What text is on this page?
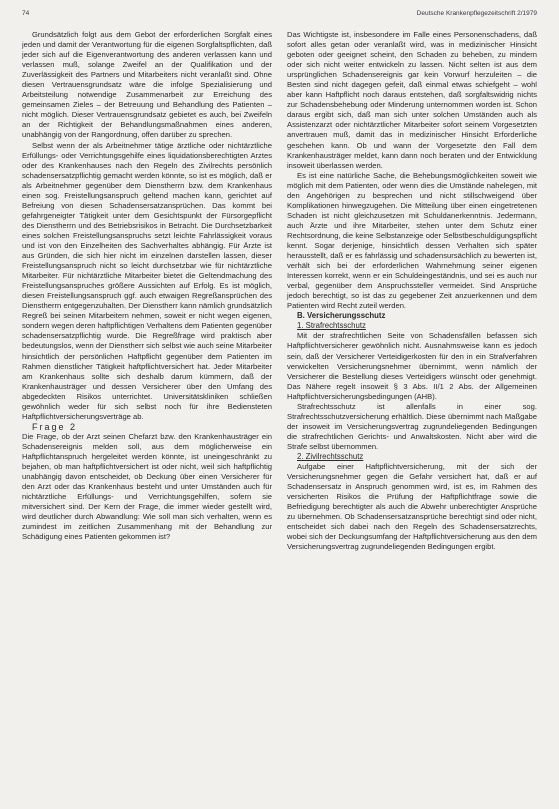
74	Deutsche Krankenpflegezeitschrift 2/1979

Grundsätzlich folgt aus dem Gebot der erforderlichen Sorgfalt eines jeden und damit der Verantwortung für die eigenen Sorgfaltspflichten, daß jeder sich auf die Eigenverantwortung des anderen verlassen kann und verlassen muß, solange Zweifel an der Qualifikation und der Zuverlässigkeit des Partners und Mitarbeiters nicht veranlaßt sind. Ohne diesen Vertrauensgrundsatz wäre die infolge Spezialisierung und Arbeitsteilung notwendige Zusammenarbeit zur Erreichung des gemeinsamen Zieles – der Betreuung und Behandlung des Patienten – nicht möglich. Dieser Vertrauensgrundsatz gebietet es auch, bei Zweifeln an der Richtigkeit der Behandlungsmaßnahmen eines anderen, unabhängig von der Rangordnung, offen darüber zu sprechen.

Selbst wenn der als Arbeitnehmer tätige ärztliche oder nichtärztliche Erfüllungs- oder Verrichtungsgehilfe eines liquidationsberechtigten Arztes oder des Krankenhauses nach den Regeln des Zivilrechts persönlich schadensersatzpflichtig gemacht werden könnte, so ist es möglich, daß er als Arbeitnehmer gegenüber dem Dienstherrn bzw. dem Krankenhaus einen sog. Freistellungsanspruch geltend machen kann, gerichtet auf Befreiung von diesen Schadensersatzansprüchen. Das kommt bei gefahrgeneigter Tätigkeit unter dem Gesichtspunkt der Fürsorgepflicht des Dienstherrn und des Betriebsrisikos in Betracht. Die Durchsetzbarkeit eines solchen Freistellungsanspruchs setzt leichte Fahrlässigkeit voraus und ist von den Einzelheiten des Sachverhaltes abhängig. Für Ärzte ist aus Gründen, die sich hier nicht im einzelnen darstellen lassen, dieser Freistellungsanspruch nicht so leicht durchsetzbar wie für nichtärztliche Mitarbeiter. Für nichtärztliche Mitarbeiter bietet die Geltendmachung des Freistellungsanspruches größere Aussichten auf Erfolg. Es ist möglich, diesen Freistellungsanspruch ggf. auch etwaigen Regreßansprüchen des Dienstherrn entgegenzuhalten. Der Dienstherr kann nämlich grundsätzlich Regreß bei seinen Mitarbeitern nehmen, soweit er nicht wegen eigenen, sondern wegen deren haftpflichtigen Verhaltens dem Patienten gegenüber schadensersatzpflichtig wurde. Die Regreßfrage wird praktisch aber bedeutungslos, wenn der Dienstherr sich selbst wie auch seine Mitarbeiter hinsichtlich der persönlichen Haftpflicht gegenüber dem Patienten im Rahmen dienstlicher Tätigkeit haftpflichtversichert hat. Jeder Mitarbeiter am Krankenhaus sollte sich deshalb darum kümmern, daß der Krankenhausträger und dessen Versicherer über den Umfang des abgedeckten Risikos unterrichtet. Universitätskliniken schließen gewöhnlich weder für sich selbst noch für ihre Bediensteten Haftpflichtversicherungsverträge ab.

Frage 2

Die Frage, ob der Arzt seinen Chefarzt bzw. den Krankenhausträger ein Schadensereignis melden soll, aus dem möglicherweise ein Haftpflichtanspruch hergeleitet werden könnte, ist uneingeschränkt zu bejahen, ob man haftpflichtversichert ist oder nicht, weil sich haftpflichtig unabhängig davon entscheidet, ob Deckung über einen Versicherer für den Arzt oder das Krankenhaus besteht und unter Umständen auch für nichtärztliche Erfüllungs- und Verrichtungsgehilfen, sofern sie mitversichert sind. Der Kern der Frage, die immer wieder gestellt wird, wird deutlicher durch Abwandlung: Wie soll man sich verhalten, wenn es zumindest im zeitlichen Zusammenhang mit der Behandlung zur Schädigung eines Patienten gekommen ist?

Das Wichtigste ist, insbesondere im Falle eines Personenschadens, daß sofort alles getan oder veranlaßt wird, was in medizinischer Hinsicht geboten oder geeignet scheint, den Schaden zu beheben, zu mindern oder sich nicht weiter entwickeln zu lassen. Nicht selten ist aus dem ursprünglichen Schadensereignis gar kein Vorwurf herzuleiten – die Besten sind nicht dagegen gefeit, daß einmal etwas schiefgeht – wohl aber kann Haftpflicht noch daraus entstehen, daß sorgfaltswidrig nichts zur Schadensbehebung oder Minderung unternommen worden ist. Schon daraus ergibt sich, daß man sich unter solchen Umständen auch als Assistenzarzt oder nichtärztlicher Mitarbeiter sofort seinem Vorgesetzten anvertrauen muß, damit das in medizinischer Hinsicht Erforderliche geschehen kann. Ob und wann der Vorgesetzte den Fall dem Krankenhausträger meldet, kann dann noch beraten und der Entwicklung insoweit überlassen werden.

Es ist eine natürliche Sache, die Behebungsmöglichkeiten soweit wie möglich mit dem Patienten, oder wenn dies die Umstände nahelegen, mit den Angehörigen zu besprechen und nicht stillschweigend über Komplikationen hinwegzugehen. Die Mitteilung über einen eingetretenen Schaden ist nicht gleichzusetzen mit Schuldanerkenntnis. Jedermann, auch Ärzte und ihre Mitarbeiter, stehen unter dem Schutz einer Rechtsordnung, die keine Selbstanzeige oder Selbstbeschuldigungspflicht kennt. Sogar derjenige, hinsichtlich dessen Verhalten sich später herausstellt, daß er es fahrlässig und schadensursächlich zu bewerten ist, verhält sich bei der erforderlichen Wahrnehmung seiner eigenen Interessen korrekt, wenn er ein Schuldeingeständnis, und sei es auch nur verbal, gegenüber dem Anspruchssteller vermeidet. Sind Ansprüche jedoch berechtigt, so ist das zu gegebener Zeit anzuerkennen und dem Patienten wird Recht zuteil werden.

B. Versicherungsschutz

1. Strafrechtsschutz

Mit der strafrechtlichen Seite von Schadensfällen befassen sich Haftpflichtversicherer gewöhnlich nicht. Ausnahmsweise kann es jedoch sein, daß der Versicherer Verteidigerkosten für den in ein Strafverfahren verwickelten Versicherungsnehmer übernimmt, wenn nämlich der Versicherer die Bestellung dieses Verteidigers wünscht oder genehmigt. Das Nähere regelt insoweit § 3 Abs. II/1 2 Abs. der Allgemeinen Haftpflichtversicherungsbedingungen (AHB).

Strafrechtsschutz ist allenfalls in einer sog. Strafrechtsschutzversicherung erhältlich. Diese übernimmt nach Maßgabe der insoweit im Versicherungsvertrag zugrundeliegenden Bedingungen die strafrechtlichen Gerichts- und Anwaltskosten. Nicht aber wird die Strafe selbst übernommen.

2. Zivilrechtsschutz

Aufgabe einer Haftpflichtversicherung, mit der sich der Versicherungsnehmer gegen die Gefahr versichert hat, daß er auf Schadensersatz in Anspruch genommen wird, ist es, im Rahmen des versicherten Risikos die Prüfung der Haftpflichtfrage sowie die Befriedigung berechtigter als auch die Abwehr unberechtigter Ansprüche zu übernehmen. Ob Schadensersatzansprüche berechtigt sind oder nicht, entscheidet sich dabei nach den Regeln des Schadensersatzrechts, wobei sich der Deckungsumfang der Haftpflichtversicherung aus den dem Versicherungsvertrag zugrundeliegenden Bedingungen ergibt.
